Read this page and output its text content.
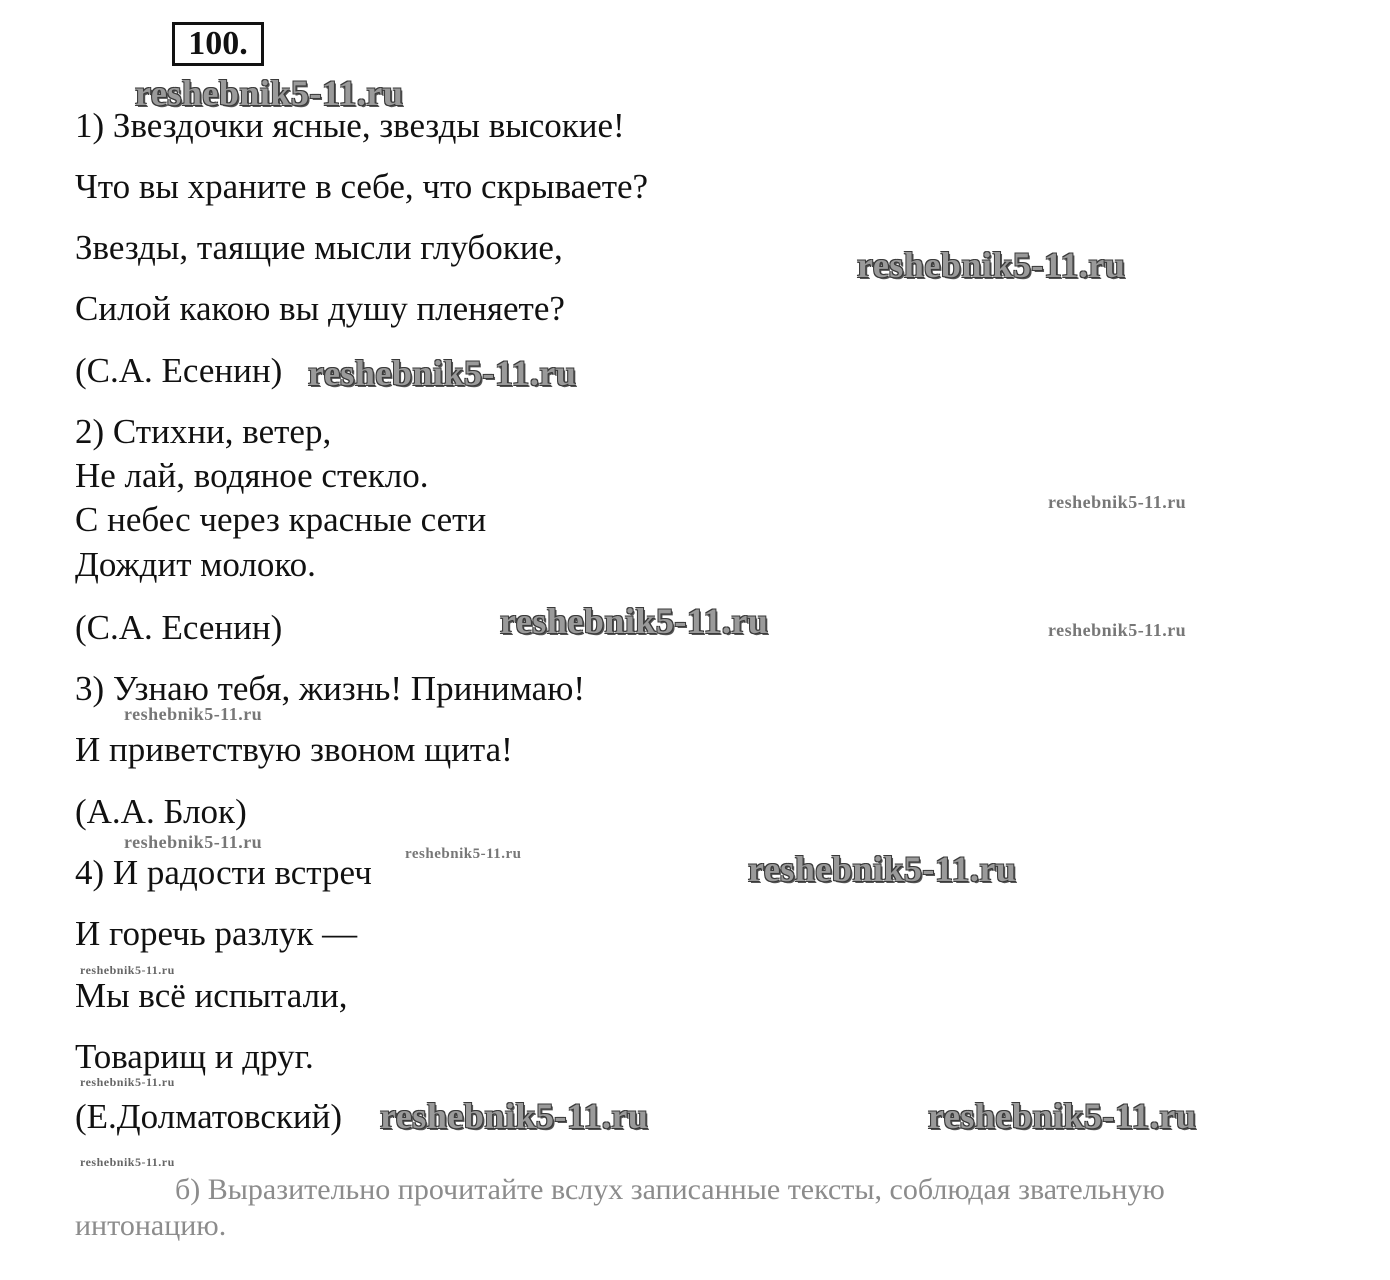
100.
1) Звездочки ясные, звезды высокие!
Что вы храните в себе, что скрываете?
Звезды, таящие мысли глубокие,
Силой какою вы душу пленяете?
(С.А. Есенин)
2) Стихни, ветер,
Не лай, водяное стекло.
С небес через красные сети
Дождит молоко.
(С.А. Есенин)
3) Узнаю тебя, жизнь! Принимаю!
И приветствую звоном щита!
(А.А. Блок)
4) И радости встреч
И горечь разлук —
Мы всё испытали,
Товарищ и друг.
(Е.Долматовский)
б) Выразительно прочитайте вслух записанные тексты, соблюдая звательную интонацию.
reshebnik5-11.ru
reshebnik5-11.ru
reshebnik5-11.ru
reshebnik5-11.ru
reshebnik5-11.ru	reshebnik5-11.ru
reshebnik5-11.ru
reshebnik5-11.ru
reshebnik5-11.ru	reshebnik5-11.ru
reshebnik5-11.ru
reshebnik5-11.ru
reshebnik5-11.ru	reshebnik5-11.ru
reshebnik5-11.ru
